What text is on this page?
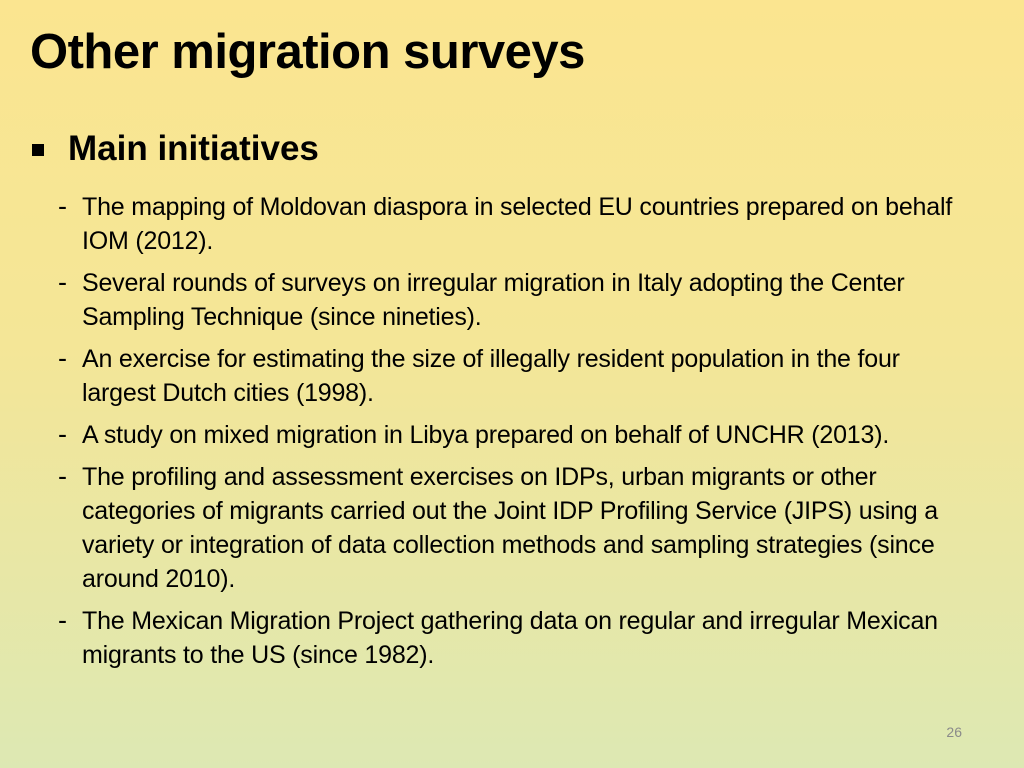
Other migration surveys
Main initiatives
- The mapping of Moldovan diaspora in selected EU countries prepared on behalf IOM (2012).
- Several rounds of surveys on irregular migration in Italy adopting the Center Sampling Technique (since nineties).
- An exercise for estimating the size of illegally resident population in the four largest Dutch cities (1998).
- A study on mixed migration in Libya prepared on behalf of UNCHR (2013).
- The profiling and assessment exercises on IDPs, urban migrants or other categories of migrants carried out the Joint IDP Profiling Service (JIPS) using a variety or integration of data collection methods and sampling strategies (since around 2010).
- The Mexican Migration Project gathering data on regular and irregular Mexican migrants to the US (since 1982).
26
